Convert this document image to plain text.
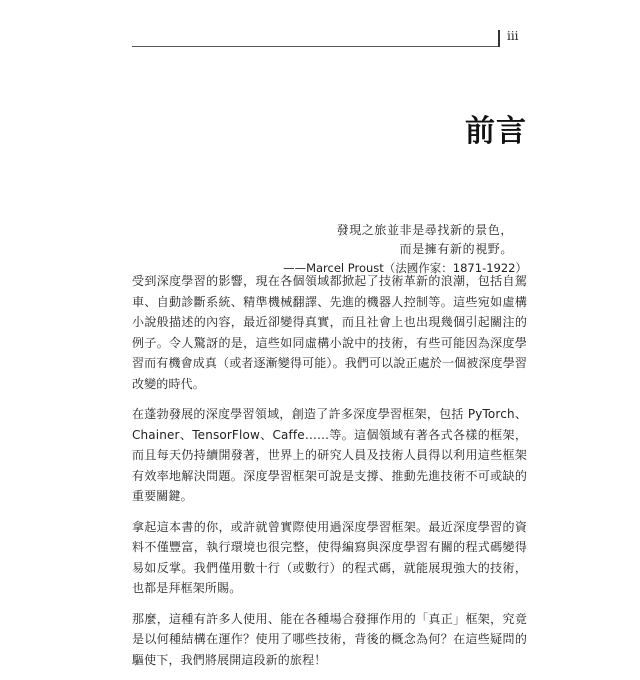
iii
前言
發現之旅並非是尋找新的景色，
而是擁有新的視野。
——Marcel Proust（法國作家：1871-1922）

受到深度學習的影響，現在各個領域都掀起了技術革新的浪潮，包括自駕車、自動診斷系統、精準機械翻譯、先進的機器人控制等。這些宛如虛構小說般描述的內容，最近卻變得真實，而且社會上也出現幾個引起關注的例子。令人驚訝的是，這些如同虛構小說中的技術，有些可能因為深度學習而有機會成真（或者逐漸變得可能）。我們可以說正處於一個被深度學習改變的時代。

在蓬勃發展的深度學習領域，創造了許多深度學習框架，包括 PyTorch、Chainer、TensorFlow、Caffe……等。這個領域有著各式各樣的框架，而且每天仍持續開發著，世界上的研究人員及技術人員得以利用這些框架有效率地解決問題。深度學習框架可說是支撐、推動先進技術不可或缺的重要關鍵。

拿起這本書的你，或許就曾實際使用過深度學習框架。最近深度學習的資料不僅豐富，執行環境也很完整，使得編寫與深度學習有關的程式碼變得易如反掌。我們僅用數十行（或數行）的程式碼，就能展現強大的技術，也都是拜框架所賜。

那麼，這種有許多人使用、能在各種場合發揮作用的「真正」框架，究竟是以何種結構在運作？使用了哪些技術，背後的概念為何？在這些疑問的驅使下，我們將展開這段新的旅程！
